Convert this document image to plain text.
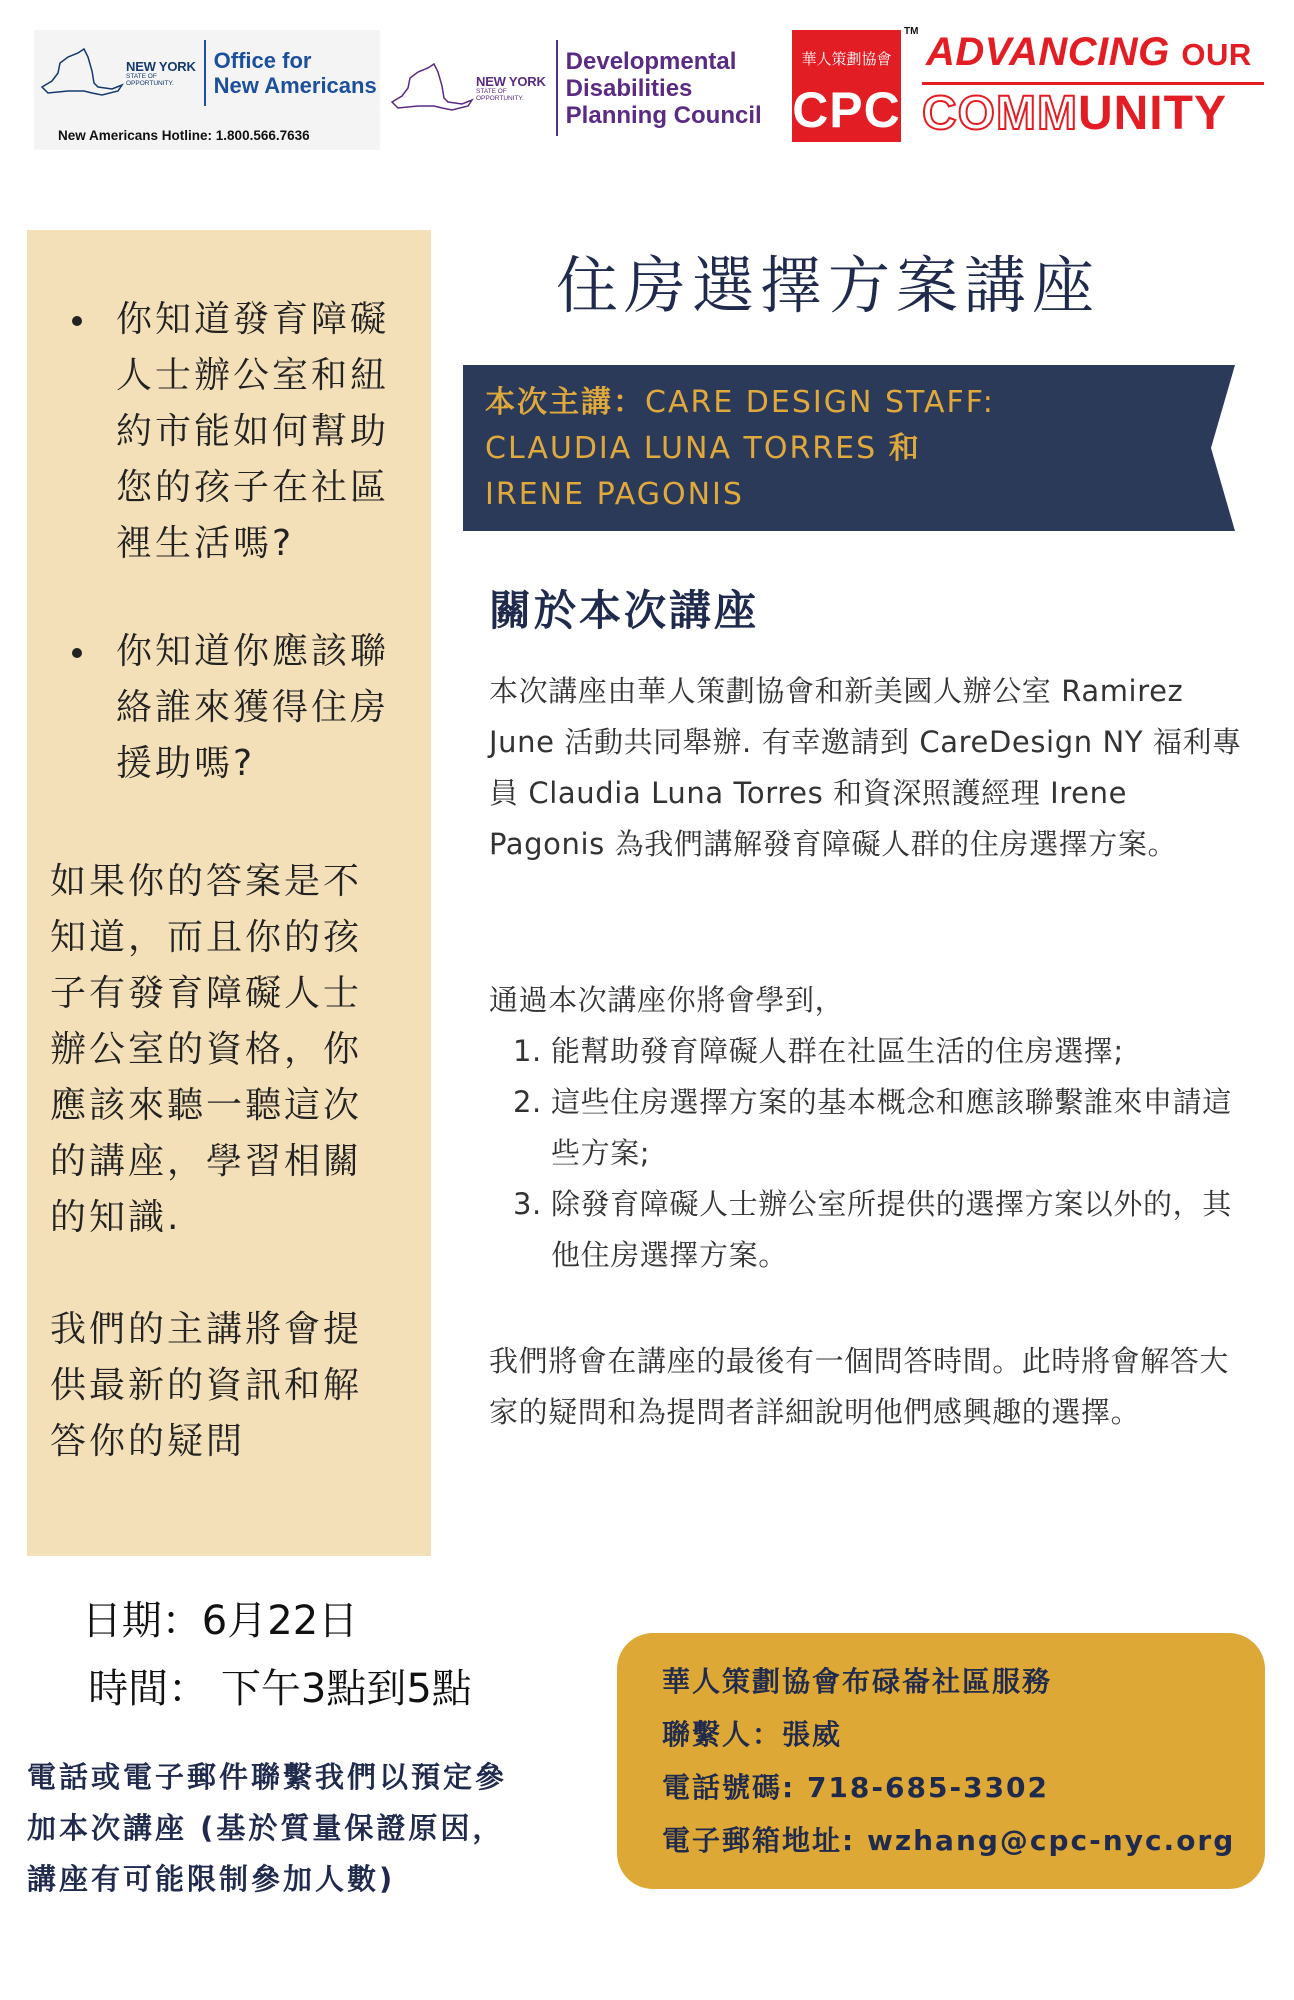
NEW YORK
STATE OF
OPPORTUNITY.
Office for
New Americans
New Americans Hotline: 1.800.566.7636
NEW YORK
STATE OF
OPPORTUNITY.
Developmental
Disabilities
Planning Council
華人策劃協會
CPC
TM ADVANCING OUR
COMMUNITY
你知道發育障礙人士辦公室和紐約市能如何幫助您的孩子在社區裡生活嗎?
你知道你應該聯絡誰來獲得住房援助嗎?
如果你的答案是不知道，而且你的孩子有發育障礙人士辦公室的資格，你應該來聽一聽這次的講座，學習相關的知識.
我們的主講將會提供最新的資訊和解答你的疑問
住房選擇方案講座
本次主講：CARE DESIGN STAFF:
CLAUDIA LUNA TORRES 和
IRENE PAGONIS
關於本次講座
本次講座由華人策劃協會和新美國人辦公室 Ramirez June 活動共同舉辦. 有幸邀請到 CareDesign NY 福利專員 Claudia Luna Torres 和資深照護經理 Irene Pagonis 為我們講解發育障礙人群的住房選擇方案。
通過本次講座你將會學到，
1. 能幫助發育障礙人群在社區生活的住房選擇;
2. 這些住房選擇方案的基本概念和應該聯繫誰來申請這些方案;
3. 除發育障礙人士辦公室所提供的選擇方案以外的，其他住房選擇方案。
我們將會在講座的最後有一個問答時間。此時將會解答大家的疑問和為提問者詳細說明他們感興趣的選擇。
日期：6月22日
時間： 下午3點到5點
電話或電子郵件聯繫我們以預定參加本次講座 (基於質量保證原因，講座有可能限制參加人數)
華人策劃協會布碌崙社區服務
聯繫人：張威
電話號碼: 718-685-3302
電子郵箱地址: wzhang@cpc-nyc.org
